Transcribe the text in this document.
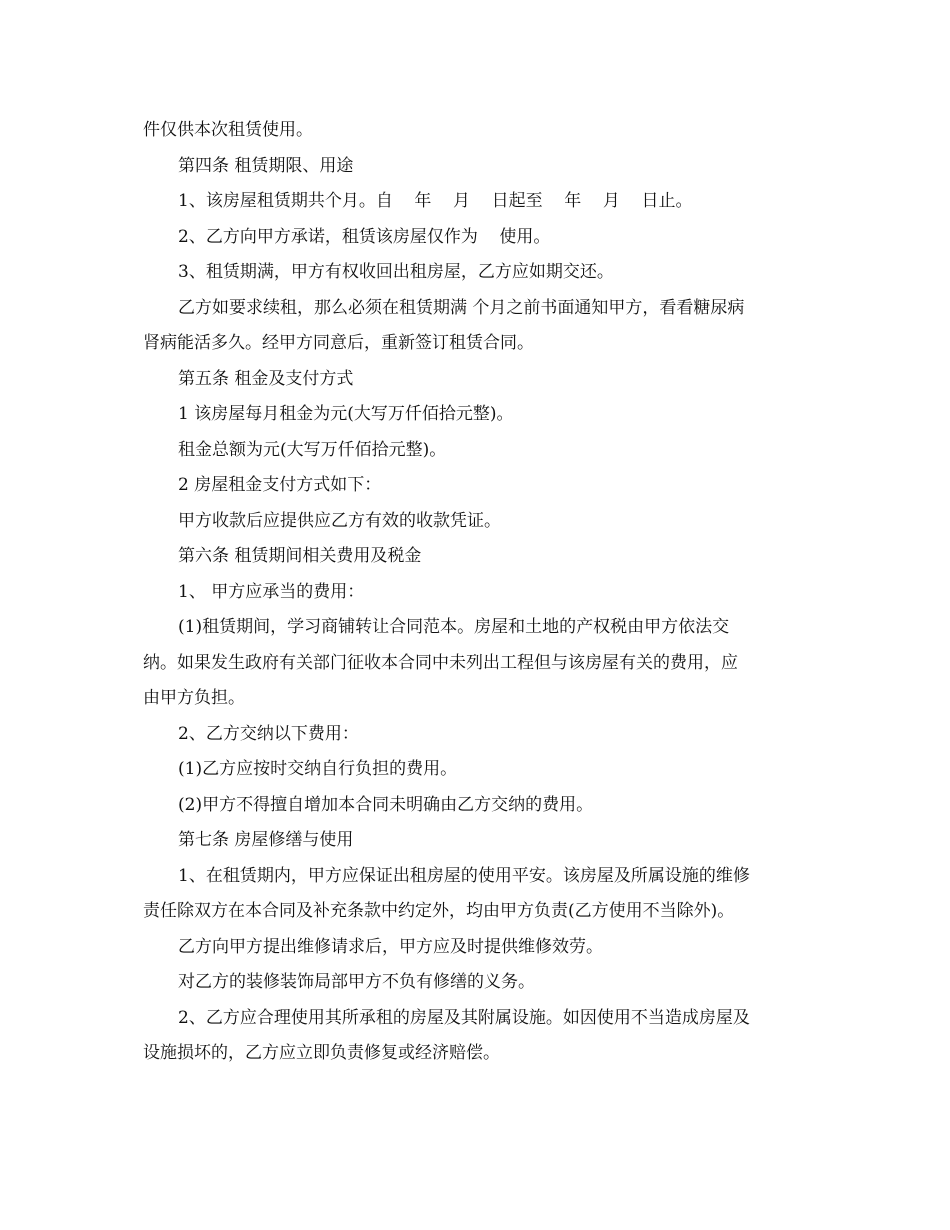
件仅供本次租赁使用。
第四条 租赁期限、用途
1、该房屋租赁期共个月。自    年    月    日起至    年    月    日止。
2、乙方向甲方承诺，租赁该房屋仅作为    使用。
3、租赁期满，甲方有权收回出租房屋，乙方应如期交还。
乙方如要求续租，那么必须在租赁期满 个月之前书面通知甲方，看看糖尿病
肾病能活多久。经甲方同意后，重新签订租赁合同。
第五条 租金及支付方式
1 该房屋每月租金为元(大写万仟佰拾元整)。
租金总额为元(大写万仟佰拾元整)。
2 房屋租金支付方式如下：
甲方收款后应提供应乙方有效的收款凭证。
第六条 租赁期间相关费用及税金
1、 甲方应承当的费用：
(1)租赁期间，学习商铺转让合同范本。房屋和土地的产权税由甲方依法交
纳。如果发生政府有关部门征收本合同中未列出工程但与该房屋有关的费用，应
由甲方负担。
2、乙方交纳以下费用：
(1)乙方应按时交纳自行负担的费用。
(2)甲方不得擅自增加本合同未明确由乙方交纳的费用。
第七条 房屋修缮与使用
1、在租赁期内，甲方应保证出租房屋的使用平安。该房屋及所属设施的维修
责任除双方在本合同及补充条款中约定外，均由甲方负责(乙方使用不当除外)。
乙方向甲方提出维修请求后，甲方应及时提供维修效劳。
对乙方的装修装饰局部甲方不负有修缮的义务。
2、乙方应合理使用其所承租的房屋及其附属设施。如因使用不当造成房屋及
设施损坏的，乙方应立即负责修复或经济赔偿。
